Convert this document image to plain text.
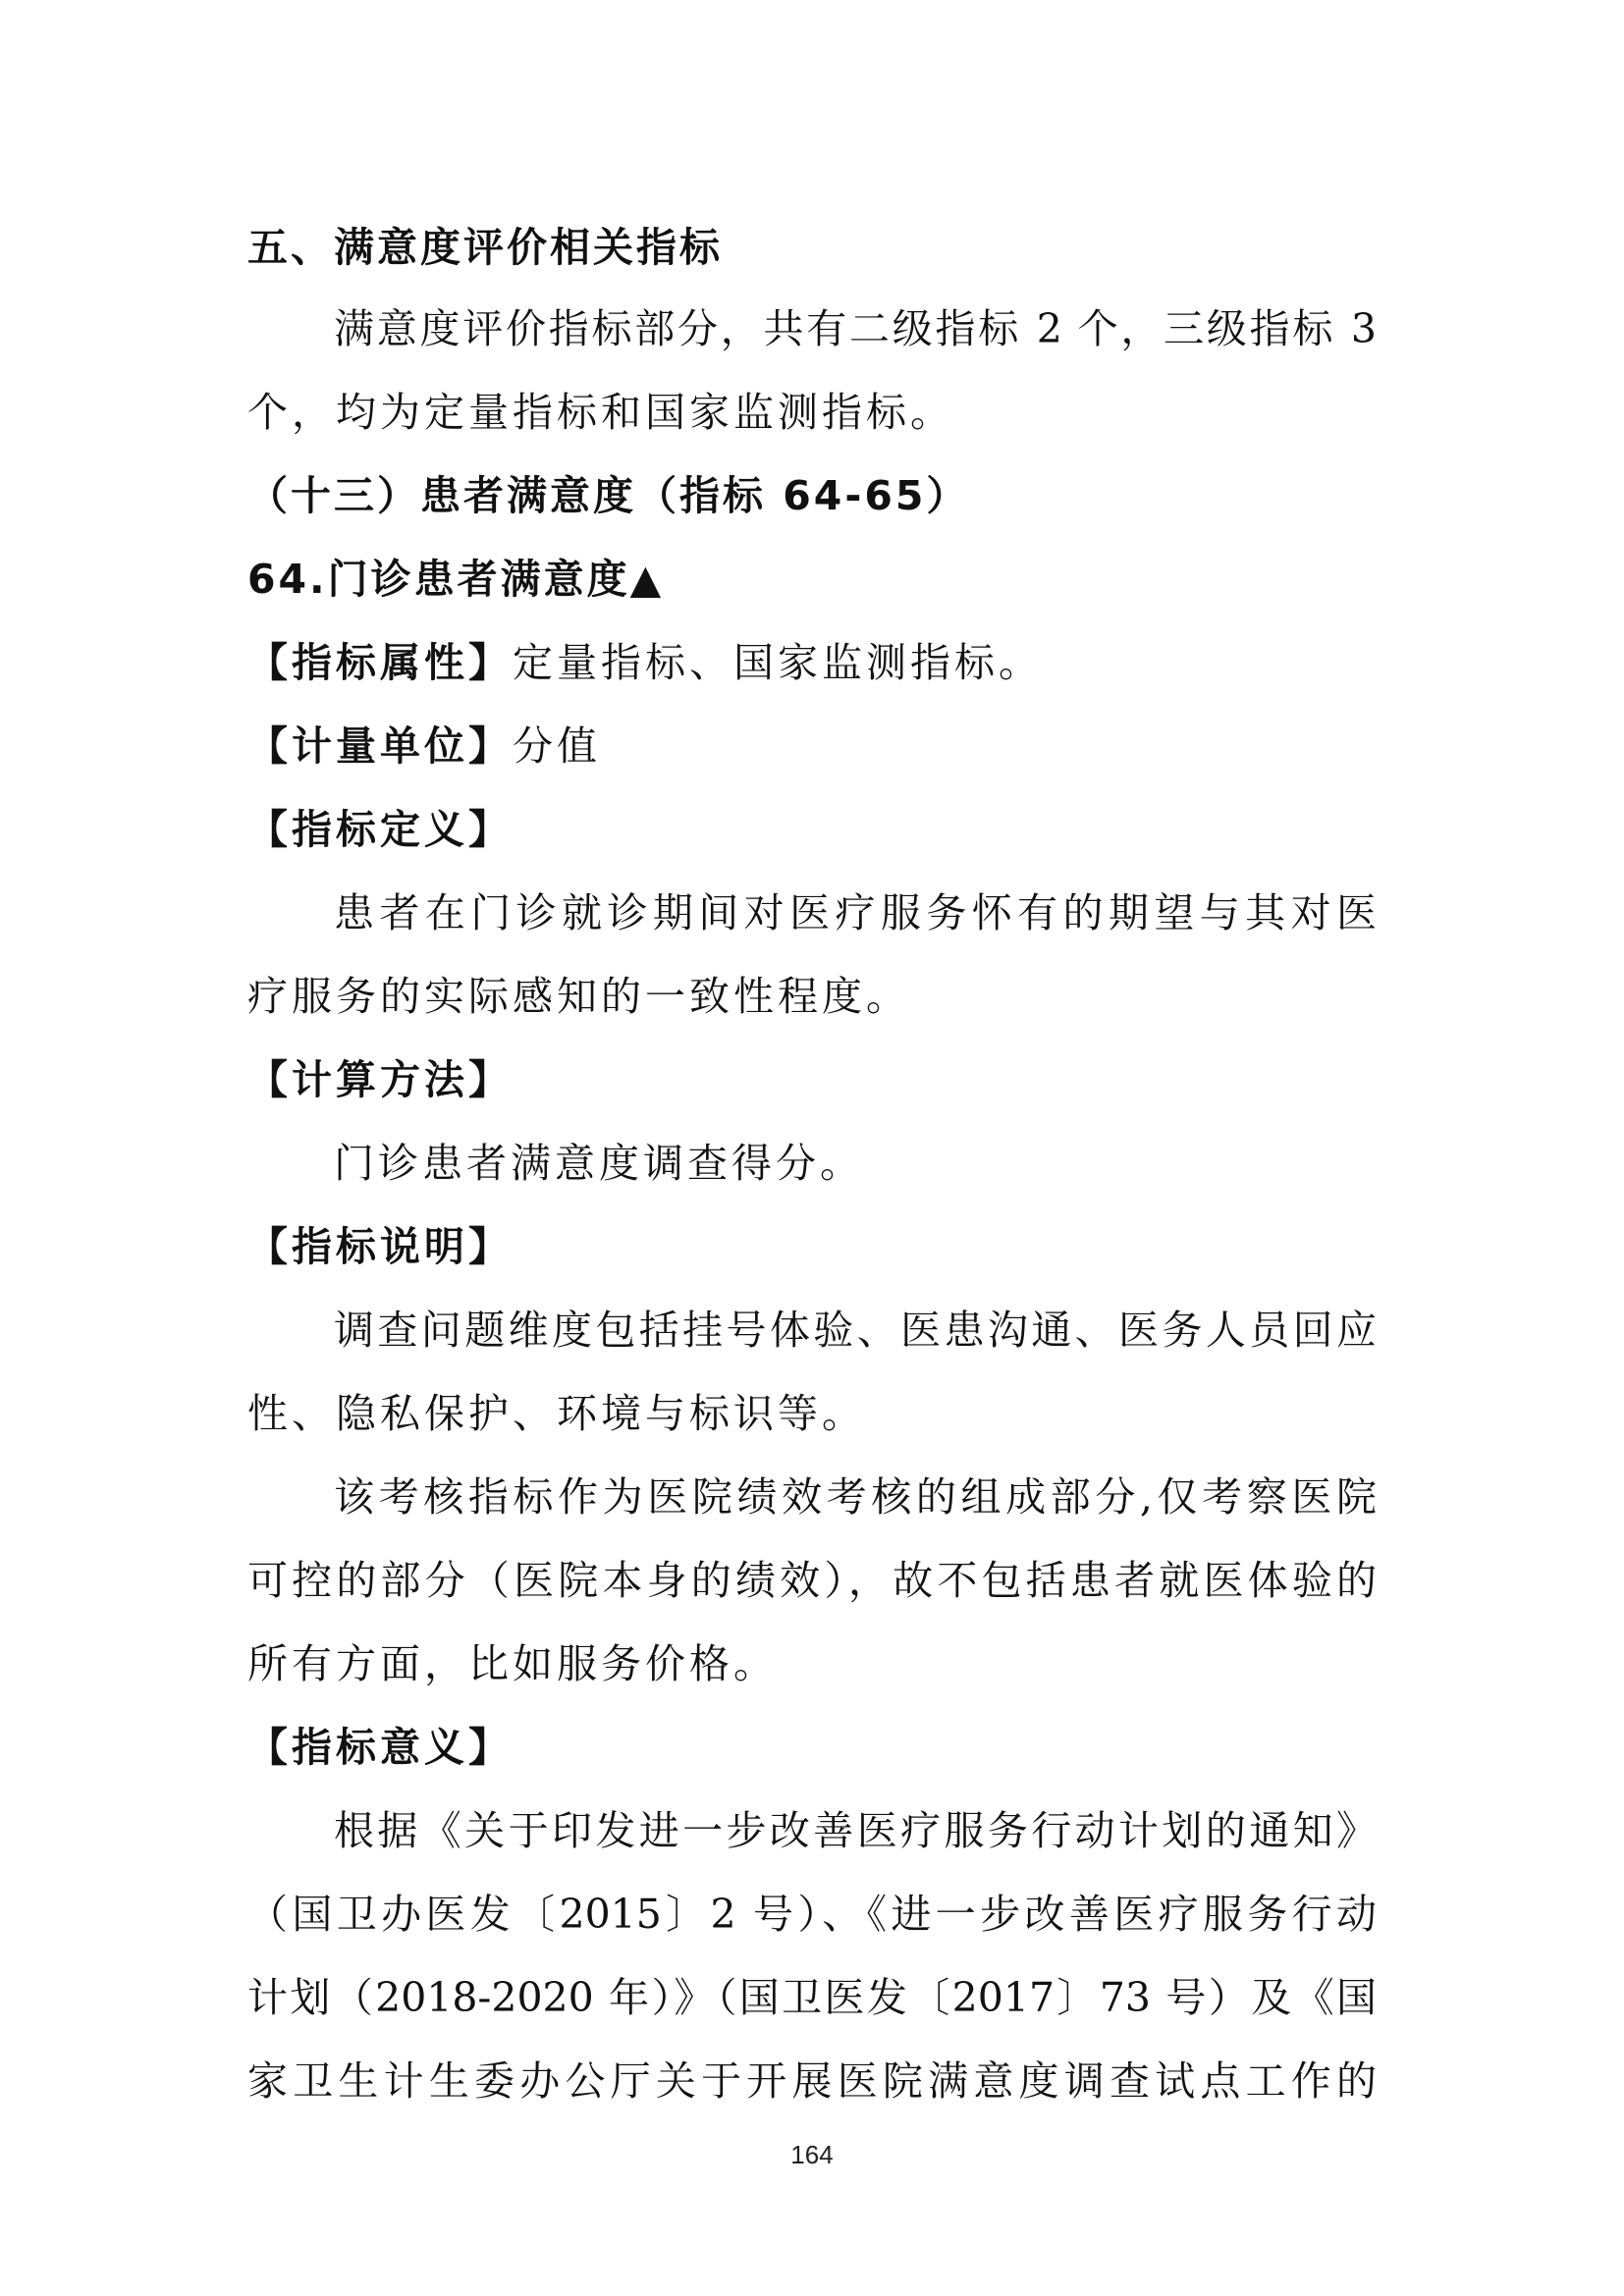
五、满意度评价相关指标
满意度评价指标部分，共有二级指标 2 个，三级指标 3
个，均为定量指标和国家监测指标。
（十三）患者满意度（指标 64-65）
64.门诊患者满意度▲
【指标属性】定量指标、国家监测指标。
【计量单位】分值
【指标定义】
患者在门诊就诊期间对医疗服务怀有的期望与其对医
疗服务的实际感知的一致性程度。
【计算方法】
门诊患者满意度调查得分。
【指标说明】
调查问题维度包括挂号体验、医患沟通、医务人员回应
性、隐私保护、环境与标识等。
该考核指标作为医院绩效考核的组成部分,仅考察医院
可控的部分（医院本身的绩效），故不包括患者就医体验的
所有方面，比如服务价格。
【指标意义】
根据《关于印发进一步改善医疗服务行动计划的通知》
（国卫办医发〔2015〕2 号）、《进一步改善医疗服务行动
计划（2018-2020 年）》（国卫医发〔2017〕73 号）及《国
家卫生计生委办公厅关于开展医院满意度调查试点工作的
164
